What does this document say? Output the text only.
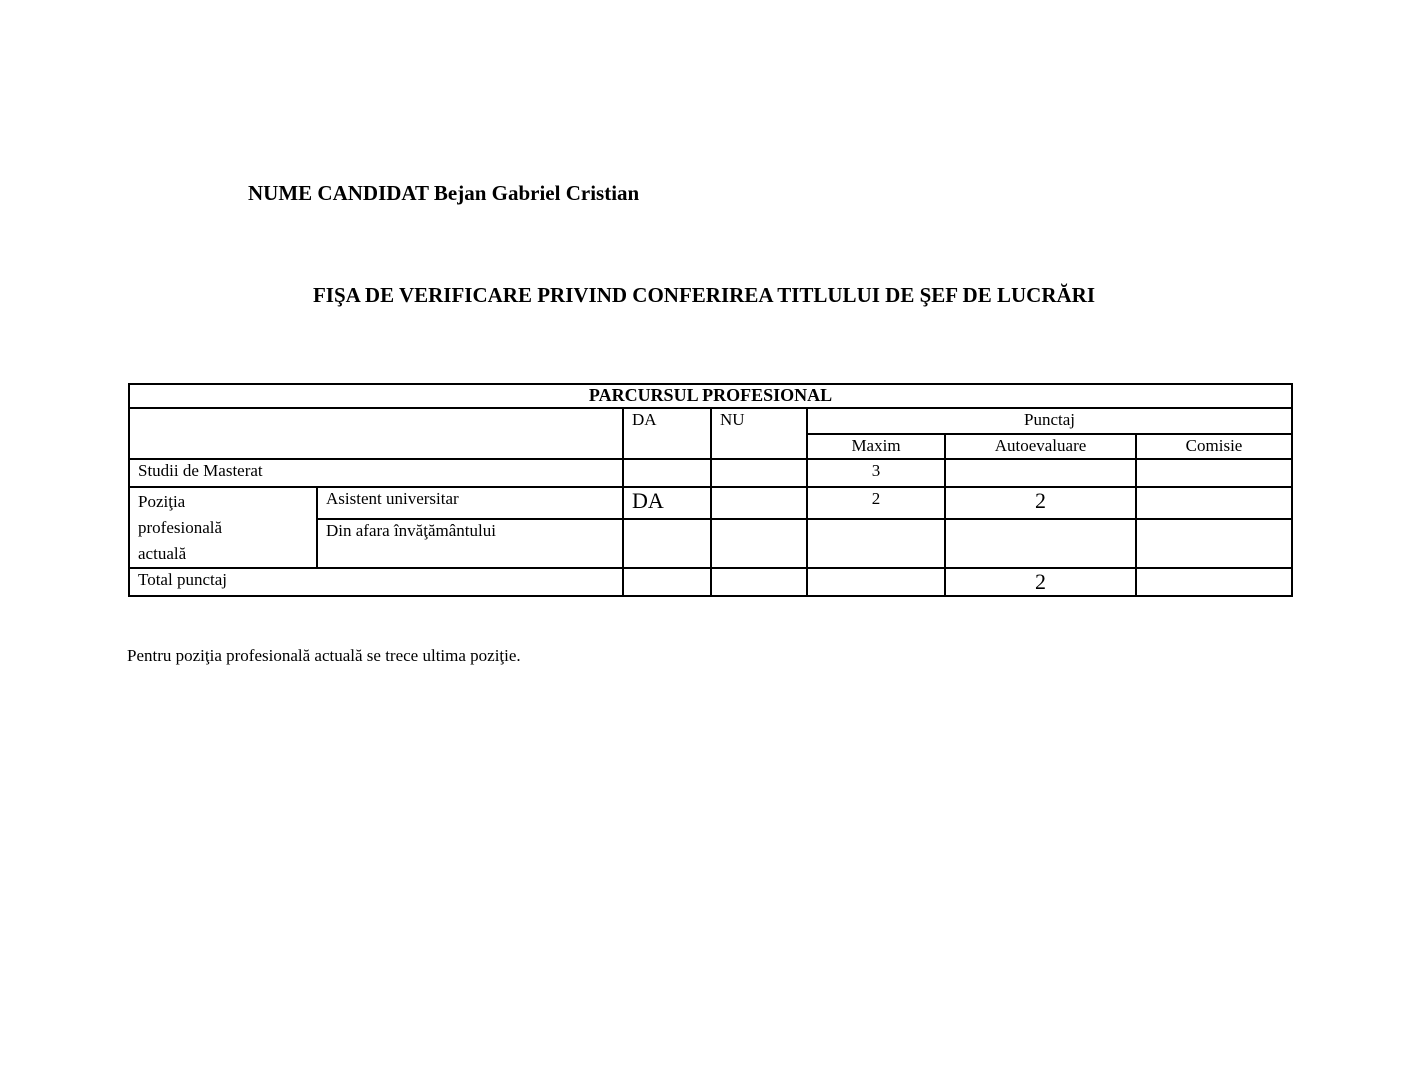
NUME CANDIDAT Bejan Gabriel Cristian
FIŞA DE VERIFICARE PRIVIND CONFERIREA TITLULUI DE ŞEF DE LUCRĂRI
PARCURSUL PROFESIONAL						
		DA	NU	Punctaj		
				Maxim	Autoevaluare	Comisie
Studii de Masterat				3		
Poziţia profesională actuală	Asistent universitar	DA		2	2	
	Din afara învăţământului					
Total punctaj					2	
Pentru poziţia profesională actuală se trece ultima poziţie.
